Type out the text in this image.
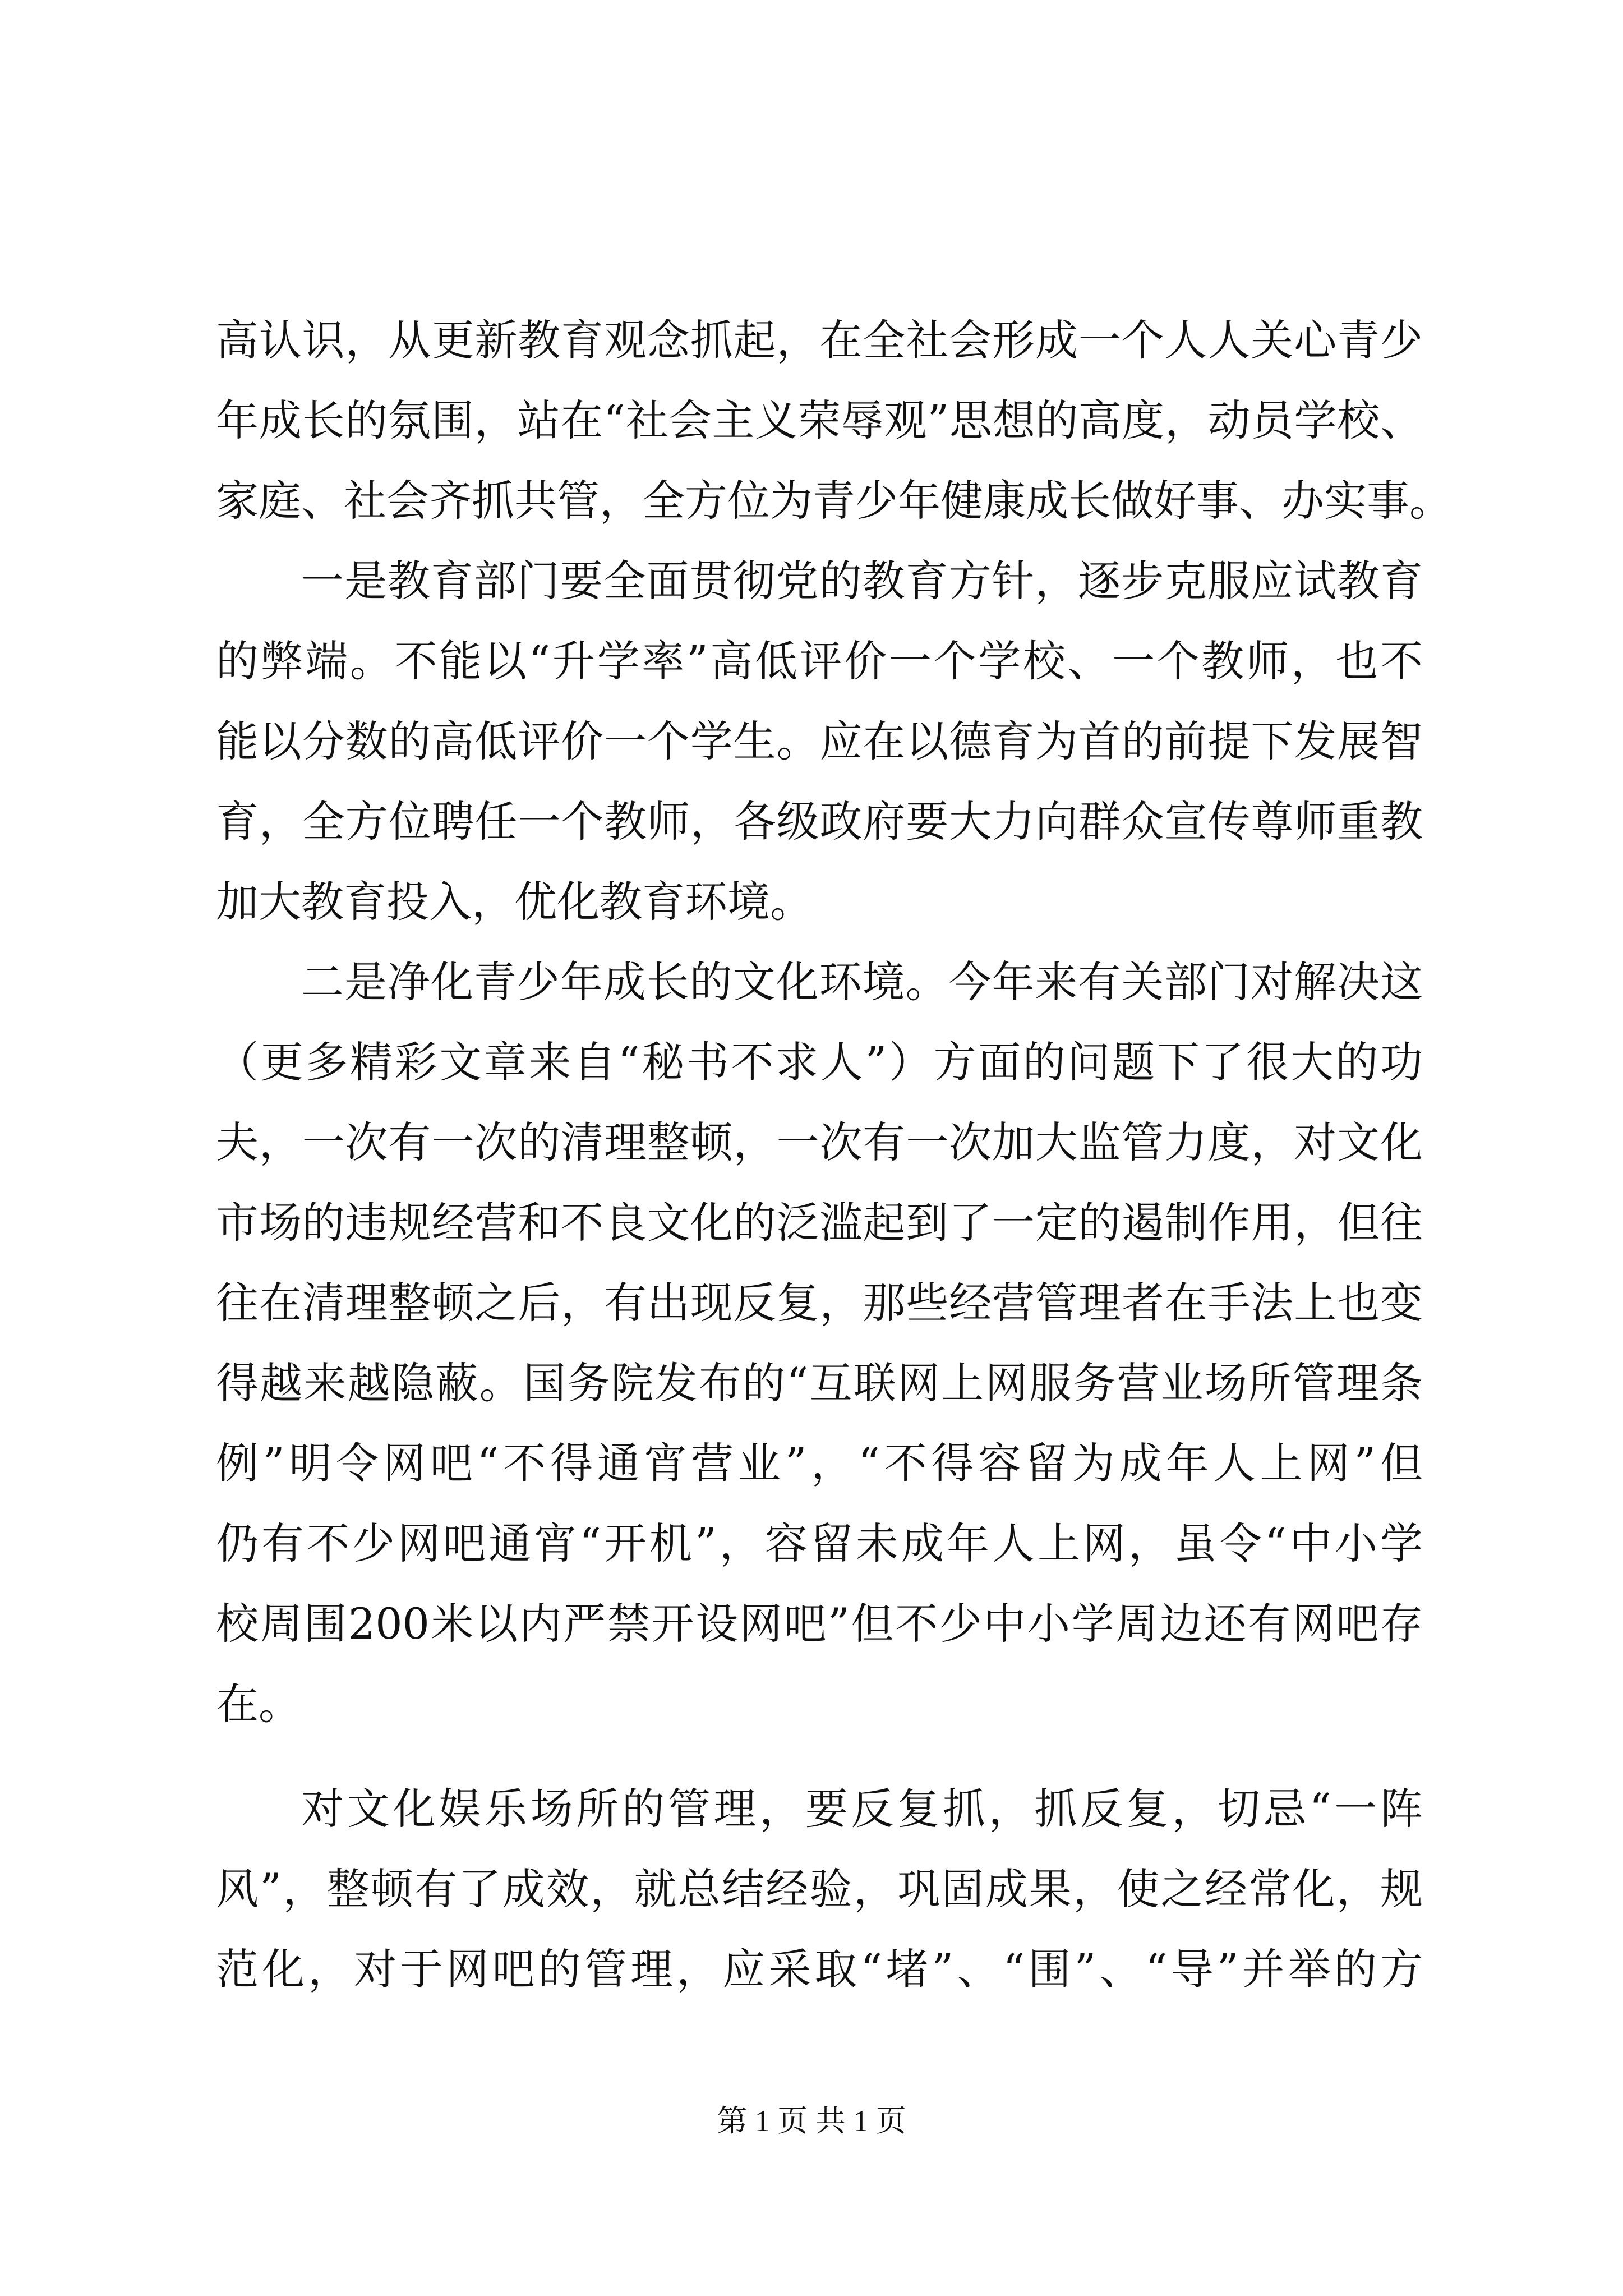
高认识，从更新教育观念抓起，在全社会形成一个人人关心青少
年成长的氛围，站在“社会主义荣辱观”思想的高度，动员学校、
家庭、社会齐抓共管，全方位为青少年健康成长做好事、办实事。
一是教育部门要全面贯彻党的教育方针，逐步克服应试教育
的弊端。不能以“升学率”高低评价一个学校、一个教师，也不
能以分数的高低评价一个学生。应在以德育为首的前提下发展智
育，全方位聘任一个教师，各级政府要大力向群众宣传尊师重教
加大教育投入，优化教育环境。
二是净化青少年成长的文化环境。今年来有关部门对解决这
（更多精彩文章来自“秘书不求人”）方面的问题下了很大的功
夫，一次有一次的清理整顿，一次有一次加大监管力度，对文化
市场的违规经营和不良文化的泛滥起到了一定的遏制作用，但往
往在清理整顿之后，有出现反复，那些经营管理者在手法上也变
得越来越隐蔽。国务院发布的“互联网上网服务营业场所管理条
例”明令网吧“不得通宵营业”，“不得容留为成年人上网”但
仍有不少网吧通宵“开机”，容留未成年人上网，虽令“中小学
校周围200米以内严禁开设网吧”但不少中小学周边还有网吧存
在。
对文化娱乐场所的管理，要反复抓，抓反复，切忌“一阵
风”，整顿有了成效，就总结经验，巩固成果，使之经常化，规
范化，对于网吧的管理，应采取“堵”、“围”、“导”并举的方
第 1 页 共 1 页
